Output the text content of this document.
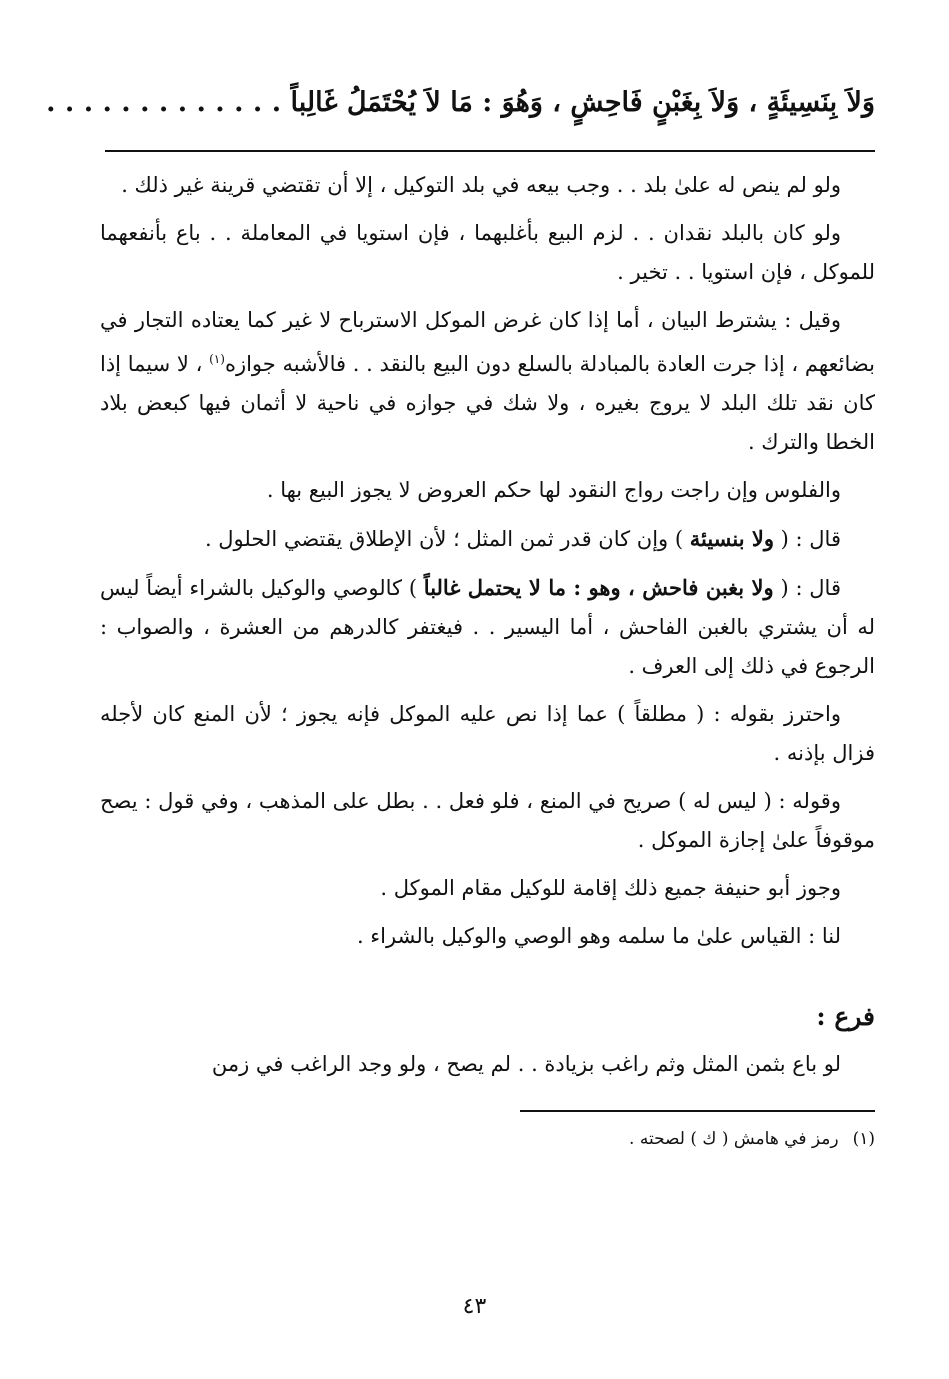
وَلاَ بِنَسِيئَةٍ ، وَلاَ بِغَبْنٍ فَاحِشٍ ، وَهُوَ : مَا لاَ يُحْتَمَلُ غَالِباً . . . . . . . . . . . . .

ولو لم ينص له علىٰ بلد . . وجب بيعه في بلد التوكيل ، إلا أن تقتضي قرينة غير ذلك .

ولو كان بالبلد نقدان . . لزم البيع بأغلبهما ، فإن استويا في المعاملة . . باع بأنفعهما للموكل ، فإن استويا . . تخير .

وقيل : يشترط البيان ، أما إذا كان غرض الموكل الاسترباح لا غير كما يعتاده التجار في بضائعهم ، إذا جرت العادة بالمبادلة بالسلع دون البيع بالنقد . . فالأشبه جوازه$^{(١)}$ ، لا سيما إذا كان نقد تلك البلد لا يروج بغيره ، ولا شك في جوازه في ناحية لا أثمان فيها كبعض بلاد الخطا والترك .

والفلوس وإن راجت رواج النقود لها حكم العروض لا يجوز البيع بها .

قال : ( ولا بنسيئة ) وإن كان قدر ثمن المثل ؛ لأن الإطلاق يقتضي الحلول .

قال : ( ولا بغبن فاحش ، وهو : ما لا يحتمل غالباً ) كالوصي والوكيل بالشراء أيضاً ليس له أن يشتري بالغبن الفاحش ، أما اليسير . . فيغتفر كالدرهم من العشرة ، والصواب : الرجوع في ذلك إلى العرف .

واحترز بقوله : ( مطلقاً ) عما إذا نص عليه الموكل فإنه يجوز ؛ لأن المنع كان لأجله فزال بإذنه .

وقوله : ( ليس له ) صريح في المنع ، فلو فعل . . بطل على المذهب ، وفي قول : يصح موقوفاً علىٰ إجازة الموكل .

وجوز أبو حنيفة جميع ذلك إقامة للوكيل مقام الموكل .

لنا : القياس علىٰ ما سلمه وهو الوصي والوكيل بالشراء .

فرع :

لو باع بثمن المثل وثم راغب بزيادة . . لم يصح ، ولو وجد الراغب في زمن

(١)رمز في هامش ( ك ) لصحته .
٤٣
